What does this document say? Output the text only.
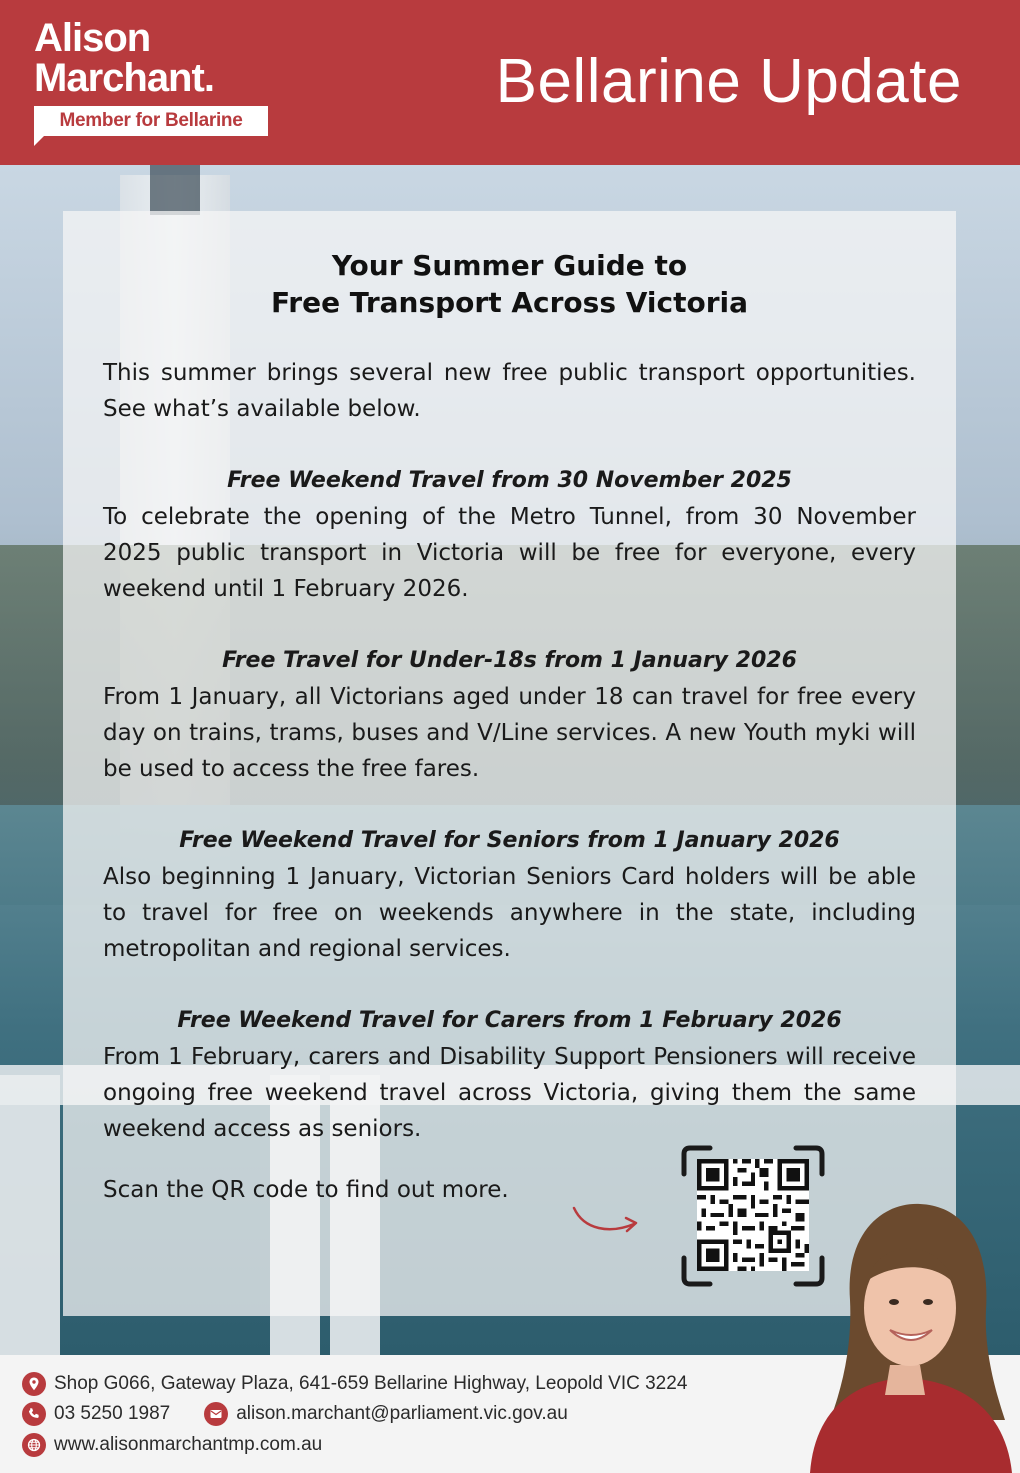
Alison
Marchant.
Member for Bellarine
Bellarine Update
Your Summer Guide to
Free Transport Across Victoria

This summer brings several new free public transport opportunities. See what’s available below.

Free Weekend Travel from 30 November 2025

To celebrate the opening of the Metro Tunnel, from 30 November 2025 public transport in Victoria will be free for everyone, every weekend until 1 February 2026.

Free Travel for Under-18s from 1 January 2026

From 1 January, all Victorians aged under 18 can travel for free every day on trains, trams, buses and V/Line services. A new Youth myki will be used to access the free fares.

Free Weekend Travel for Seniors from 1 January 2026

Also beginning 1 January, Victorian Seniors Card holders will be able to travel for free on weekends anywhere in the state, including metropolitan and regional services.

Free Weekend Travel for Carers from 1 February 2026

From 1 February, carers and Disability Support Pensioners will receive ongoing free weekend travel across Victoria, giving them the same weekend access as seniors.

Scan the QR code to find out more.
Shop G066, Gateway Plaza, 641-659 Bellarine Highway, Leopold VIC 3224
03 5250 1987	alison.marchant@parliament.vic.gov.au
www.alisonmarchantmp.com.au
